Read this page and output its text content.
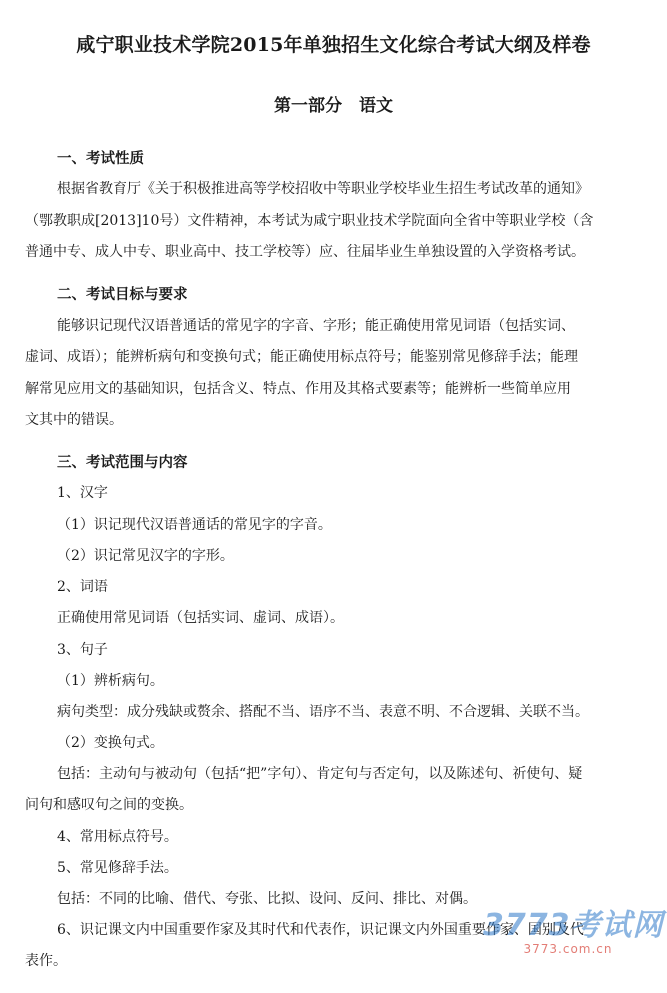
咸宁职业技术学院2015年单独招生文化综合考试大纲及样卷
第一部分　语文
一、考试性质
根据省教育厅《关于积极推进高等学校招收中等职业学校毕业生招生考试改革的通知》
（鄂教职成[2013]10号）文件精神，本考试为咸宁职业技术学院面向全省中等职业学校（含
普通中专、成人中专、职业高中、技工学校等）应、往届毕业生单独设置的入学资格考试。
二、考试目标与要求
能够识记现代汉语普通话的常见字的字音、字形；能正确使用常见词语（包括实词、
虚词、成语）；能辨析病句和变换句式；能正确使用标点符号；能鉴别常见修辞手法；能理
解常见应用文的基础知识，包括含义、特点、作用及其格式要素等；能辨析一些简单应用
文其中的错误。
三、考试范围与内容
1、汉字
（1）识记现代汉语普通话的常见字的字音。
（2）识记常见汉字的字形。
2、词语
正确使用常见词语（包括实词、虚词、成语）。
3、句子
（1）辨析病句。
病句类型：成分残缺或赘余、搭配不当、语序不当、表意不明、不合逻辑、关联不当。
（2）变换句式。
包括：主动句与被动句（包括“把”字句）、肯定句与否定句，以及陈述句、祈使句、疑
问句和感叹句之间的变换。
4、常用标点符号。
5、常见修辞手法。
包括：不同的比喻、借代、夸张、比拟、设问、反问、排比、对偶。
6、识记课文内中国重要作家及其时代和代表作，识记课文内外国重要作家、国别及代
表作。
3773考试网
3773.com.cn
